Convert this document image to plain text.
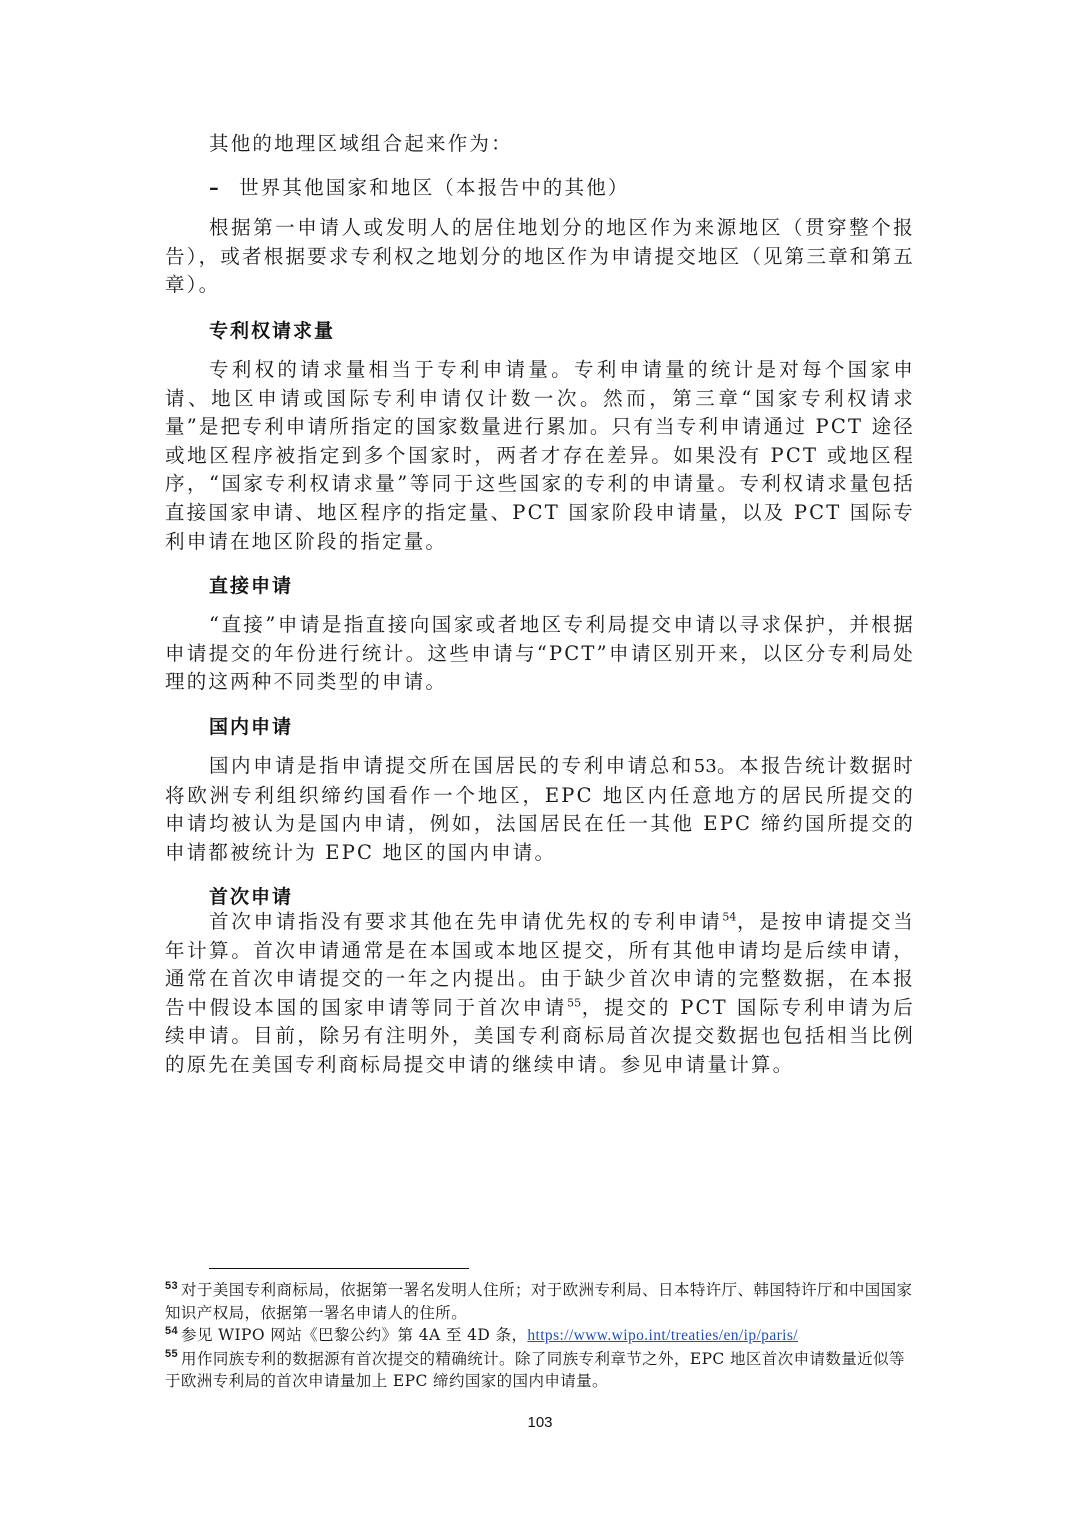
其他的地理区域组合起来作为：

– 世界其他国家和地区（本报告中的其他）

根据第一申请人或发明人的居住地划分的地区作为来源地区（贯穿整个报告），或者根据要求专利权之地划分的地区作为申请提交地区（见第三章和第五章）。

专利权请求量

专利权的请求量相当于专利申请量。专利申请量的统计是对每个国家申请、地区申请或国际专利申请仅计数一次。然而，第三章“国家专利权请求量”是把专利申请所指定的国家数量进行累加。只有当专利申请通过 PCT 途径或地区程序被指定到多个国家时，两者才存在差异。如果没有 PCT 或地区程序，“国家专利权请求量”等同于这些国家的专利的申请量。专利权请求量包括直接国家申请、地区程序的指定量、PCT 国家阶段申请量，以及 PCT 国际专利申请在地区阶段的指定量。

直接申请

“直接”申请是指直接向国家或者地区专利局提交申请以寻求保护，并根据申请提交的年份进行统计。这些申请与“PCT”申请区别开来，以区分专利局处理的这两种不同类型的申请。

国内申请

国内申请是指申请提交所在国居民的专利申请总和53。本报告统计数据时将欧洲专利组织缔约国看作一个地区，EPC 地区内任意地方的居民所提交的申请均被认为是国内申请，例如，法国居民在任一其他 EPC 缔约国所提交的申请都被统计为 EPC 地区的国内申请。

首次申请

首次申请指没有要求其他在先申请优先权的专利申请$^{54}$，是按申请提交当年计算。首次申请通常是在本国或本地区提交，所有其他申请均是后续申请，通常在首次申请提交的一年之内提出。由于缺少首次申请的完整数据，在本报告中假设本国的国家申请等同于首次申请$^{55}$，提交的 PCT 国际专利申请为后续申请。目前，除另有注明外，美国专利商标局首次提交数据也包括相当比例的原先在美国专利商标局提交申请的继续申请。参见申请量计算。

$^{53}$ 对于美国专利商标局，依据第一署名发明人住所；对于欧洲专利局、日本特许厅、韩国特许厅和中国国家知识产权局，依据第一署名申请人的住所。

$^{54}$ 参见 WIPO 网站《巴黎公约》第 4A 至 4D 条，https://www.wipo.int/treaties/en/ip/paris/

$^{55}$ 用作同族专利的数据源有首次提交的精确统计。除了同族专利章节之外，EPC 地区首次申请数量近似等于欧洲专利局的首次申请量加上 EPC 缔约国家的国内申请量。

103
